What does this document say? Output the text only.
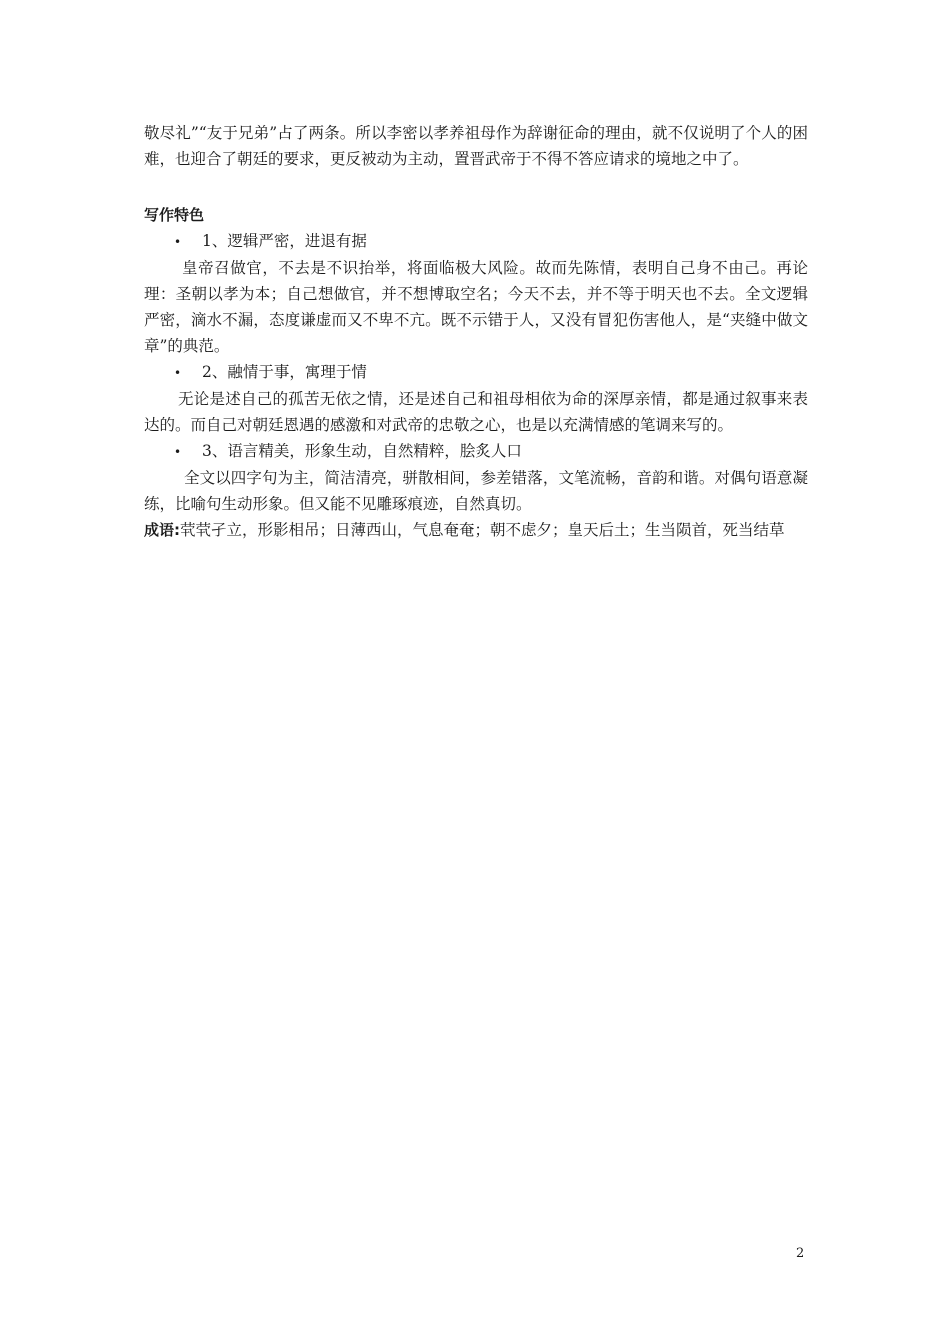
敬尽礼”“友于兄弟”占了两条。所以李密以孝养祖母作为辞谢征命的理由，就不仅说明了个人的困难，也迎合了朝廷的要求，更反被动为主动，置晋武帝于不得不答应请求的境地之中了。

写作特色
•	1、逻辑严密，进退有据

皇帝召做官，不去是不识抬举，将面临极大风险。故而先陈情，表明自己身不由己。再论理：圣朝以孝为本；自己想做官，并不想博取空名；今天不去，并不等于明天也不去。全文逻辑严密，滴水不漏，态度谦虚而又不卑不亢。既不示错于人，又没有冒犯伤害他人，是“夹缝中做文章”的典范。

•	2、融情于事，寓理于情

无论是述自己的孤苦无依之情，还是述自己和祖母相依为命的深厚亲情，都是通过叙事来表达的。而自己对朝廷恩遇的感激和对武帝的忠敬之心，也是以充满情感的笔调来写的。

•	3、语言精美，形象生动，自然精粹，脍炙人口

全文以四字句为主，简洁清亮，骈散相间，参差错落，文笔流畅，音韵和谐。对偶句语意凝练，比喻句生动形象。但又能不见雕琢痕迹，自然真切。

成语: 茕茕孑立，形影相吊；日薄西山，气息奄奄；朝不虑夕；皇天后土；生当陨首，死当结草
2
